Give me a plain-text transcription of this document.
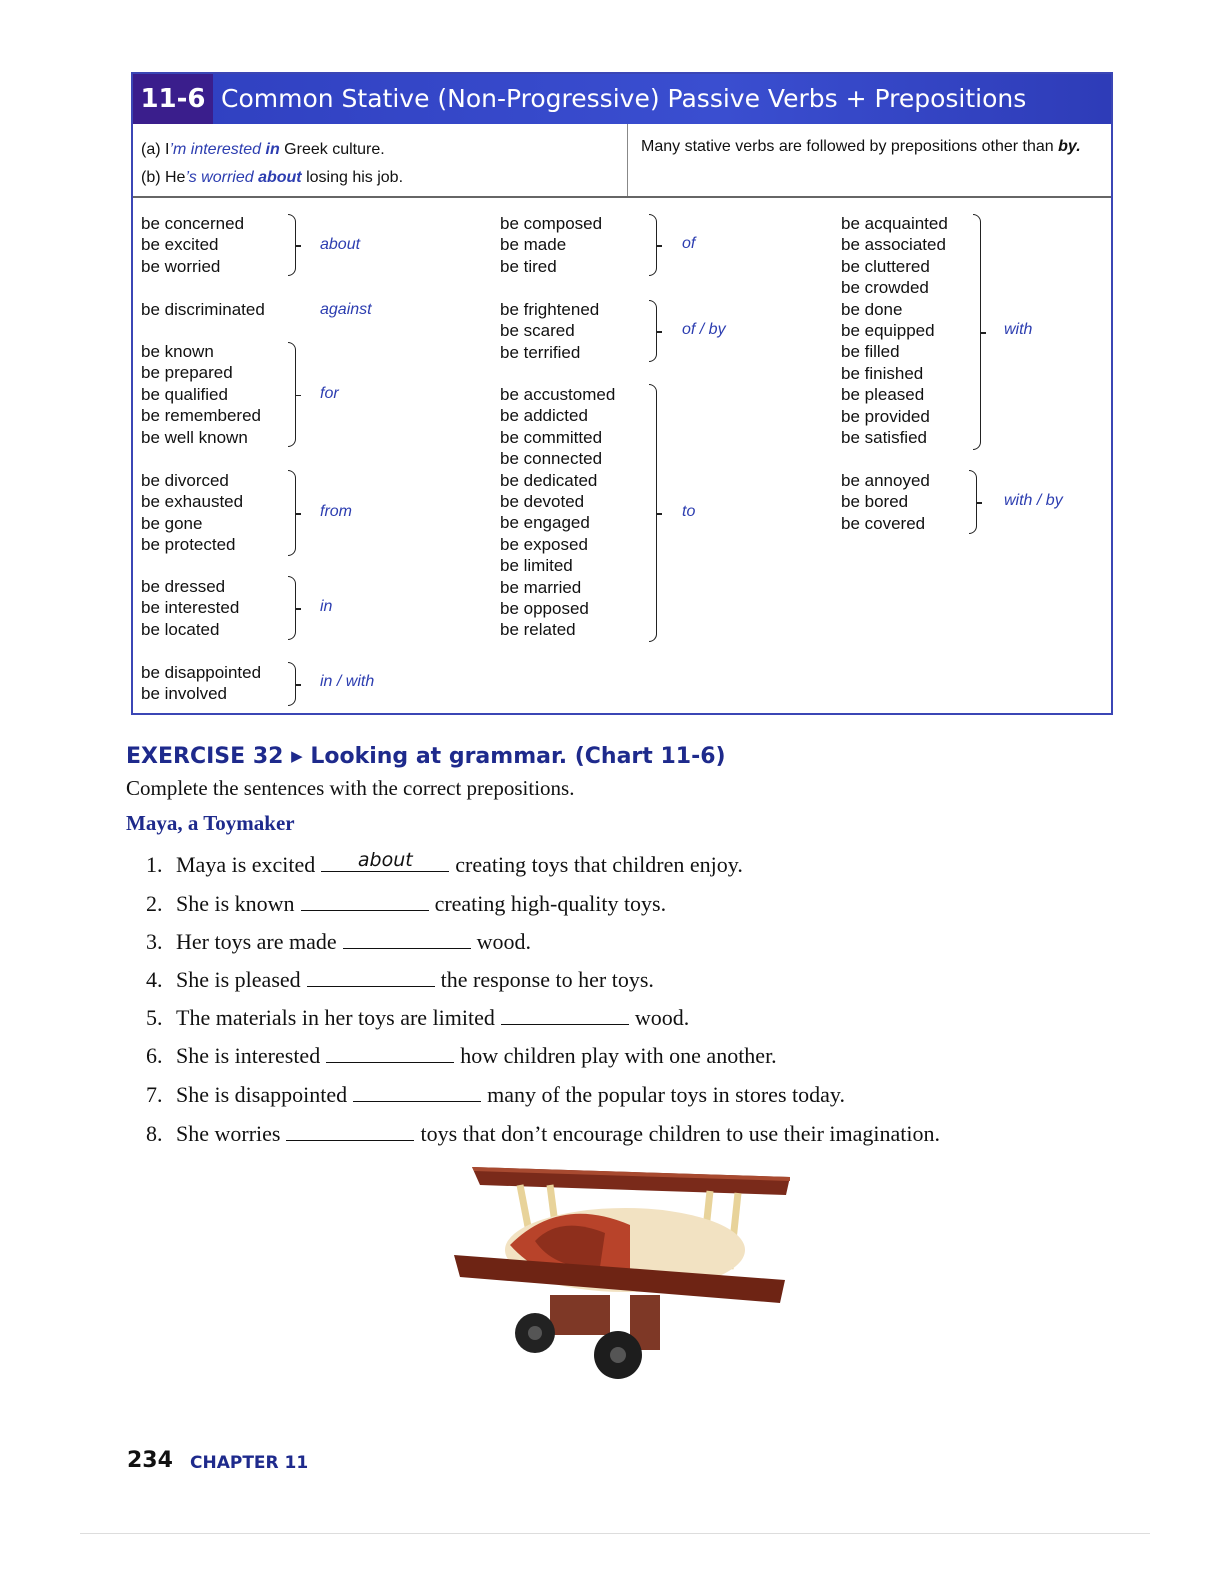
11-6 Common Stative (Non-Progressive) Passive Verbs + Prepositions
(a) I’m interested in Greek culture.
(b) He’s worried about losing his job.
Many stative verbs are followed by prepositions other than by.
be concerned
be excited
be worried
about
be discriminated	against
be known
be prepared
be qualified
be remembered
be well known
for
be divorced
be exhausted
be gone
be protected
from
be dressed
be interested
be located
in
be disappointed
be involved
in / with
be composed
be made
be tired
of
be frightened
be scared
be terrified
of / by
be accustomed
be addicted
be committed
be connected
be dedicated
be devoted
be engaged
be exposed
be limited
be married
be opposed
be related
to
be acquainted
be associated
be cluttered
be crowded
be done
be equipped
be filled
be finished
be pleased
be provided
be satisfied
with
be annoyed
be bored
be covered
with / by
EXERCISE 32 ▶ Looking at grammar. (Chart 11-6)
Complete the sentences with the correct prepositions.
Maya, a Toymaker
1. Maya is excited	about	creating toys that children enjoy.
2. She is known	creating high-quality toys.
3. Her toys are made	wood.
4. She is pleased	the response to her toys.
5. The materials in her toys are limited	wood.
6. She is interested	how children play with one another.
7. She is disappointed	many of the popular toys in stores today.
8. She worries	toys that don’t encourage children to use their imagination.
234 CHAPTER 11
